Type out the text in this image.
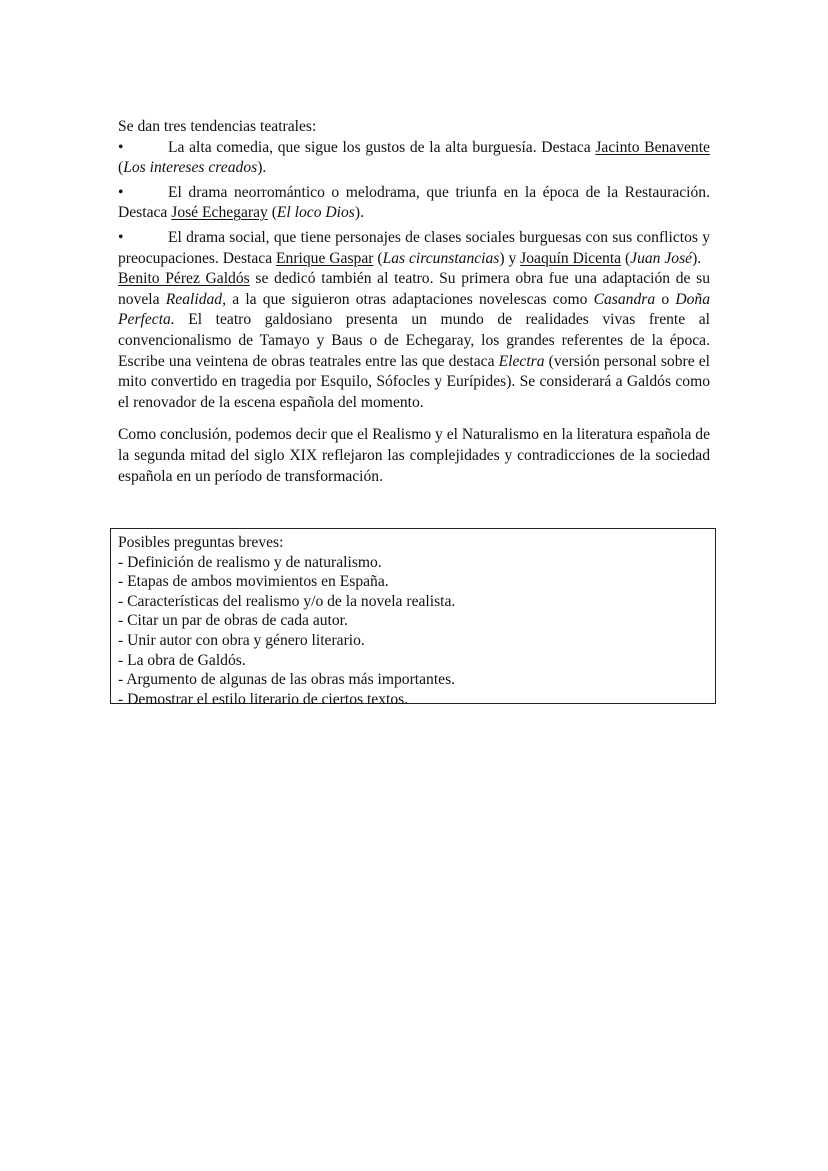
Se dan tres tendencias teatrales:

•	La alta comedia, que sigue los gustos de la alta burguesía. Destaca Jacinto Benavente (Los intereses creados).

•	El drama neorromántico o melodrama, que triunfa en la época de la Restauración. Destaca José Echegaray (El loco Dios).

•	El drama social, que tiene personajes de clases sociales burguesas con sus conflictos y preocupaciones. Destaca Enrique Gaspar (Las circunstancias) y Joaquín Dicenta (Juan José).

Benito Pérez Galdós se dedicó también al teatro. Su primera obra fue una adaptación de su novela Realidad, a la que siguieron otras adaptaciones novelescas como Casandra o Doña Perfecta. El teatro galdosiano presenta un mundo de realidades vivas frente al convencionalismo de Tamayo y Baus o de Echegaray, los grandes referentes de la época. Escribe una veintena de obras teatrales entre las que destaca Electra (versión personal sobre el mito convertido en tragedia por Esquilo, Sófocles y Eurípides). Se considerará a Galdós como el renovador de la escena española del momento.

Como conclusión, podemos decir que el Realismo y el Naturalismo en la literatura española de la segunda mitad del siglo XIX reflejaron las complejidades y contradicciones de la sociedad española en un período de transformación.

Posibles preguntas breves:
- Definición de realismo y de naturalismo.
- Etapas de ambos movimientos en España.
- Características del realismo y/o de la novela realista.
- Citar un par de obras de cada autor.
- Unir autor con obra y género literario.
- La obra de Galdós.
- Argumento de algunas de las obras más importantes.
- Demostrar el estilo literario de ciertos textos.
